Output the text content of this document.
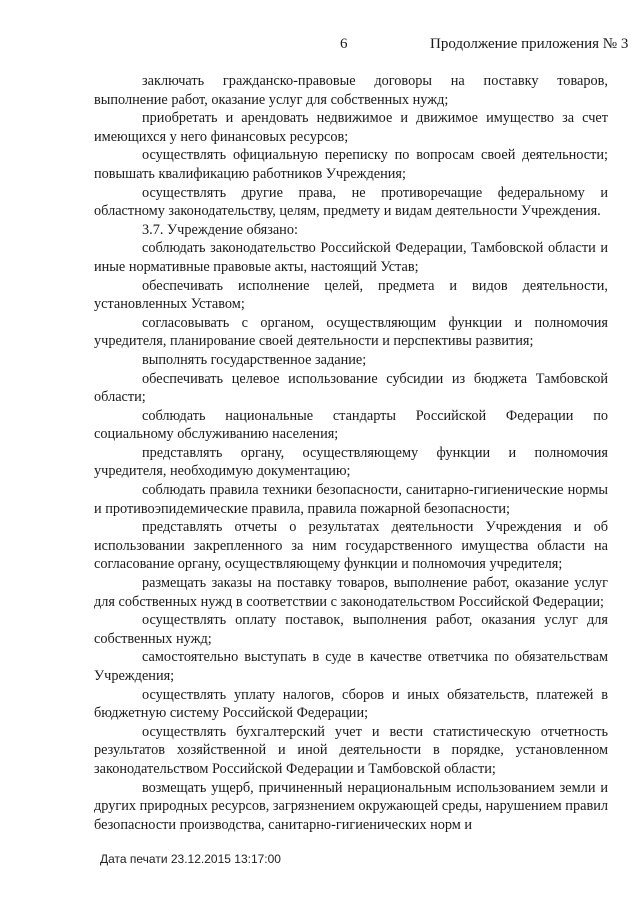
6	Продолжение приложения № 3

заключать гражданско-правовые договоры на поставку товаров, выполнение работ, оказание услуг для собственных нужд;

приобретать и арендовать недвижимое и движимое имущество за счет имеющихся у него финансовых ресурсов;

осуществлять официальную переписку по вопросам своей деятельности; повышать квалификацию работников Учреждения;

осуществлять другие права, не противоречащие федеральному и областному законодательству, целям, предмету и видам деятельности Учреждения.

3.7. Учреждение обязано:

соблюдать законодательство Российской Федерации, Тамбовской области и иные нормативные правовые акты, настоящий Устав;

обеспечивать исполнение целей, предмета и видов деятельности, установленных Уставом;

согласовывать с органом, осуществляющим функции и полномочия учредителя, планирование своей деятельности и перспективы развития;

выполнять государственное задание;

обеспечивать целевое использование субсидии из бюджета Тамбовской области;

соблюдать национальные стандарты Российской Федерации по социальному обслуживанию населения;

представлять органу, осуществляющему функции и полномочия учредителя, необходимую документацию;

соблюдать правила техники безопасности, санитарно-гигиенические нормы и противоэпидемические правила, правила пожарной безопасности;

представлять отчеты о результатах деятельности Учреждения и об использовании закрепленного за ним государственного имущества области на согласование органу, осуществляющему функции и полномочия учредителя;

размещать заказы на поставку товаров, выполнение работ, оказание услуг для собственных нужд в соответствии с законодательством Российской Федерации;

осуществлять оплату поставок, выполнения работ, оказания услуг для собственных нужд;

самостоятельно выступать в суде в качестве ответчика по обязательствам Учреждения;

осуществлять уплату налогов, сборов и иных обязательств, платежей в бюджетную систему Российской Федерации;

осуществлять бухгалтерский учет и вести статистическую отчетность результатов хозяйственной и иной деятельности в порядке, установленном законодательством Российской Федерации и Тамбовской области;

возмещать ущерб, причиненный нерациональным использованием земли и других природных ресурсов, загрязнением окружающей среды, нарушением правил безопасности производства, санитарно-гигиенических норм и

Дата печати 23.12.2015 13:17:00
